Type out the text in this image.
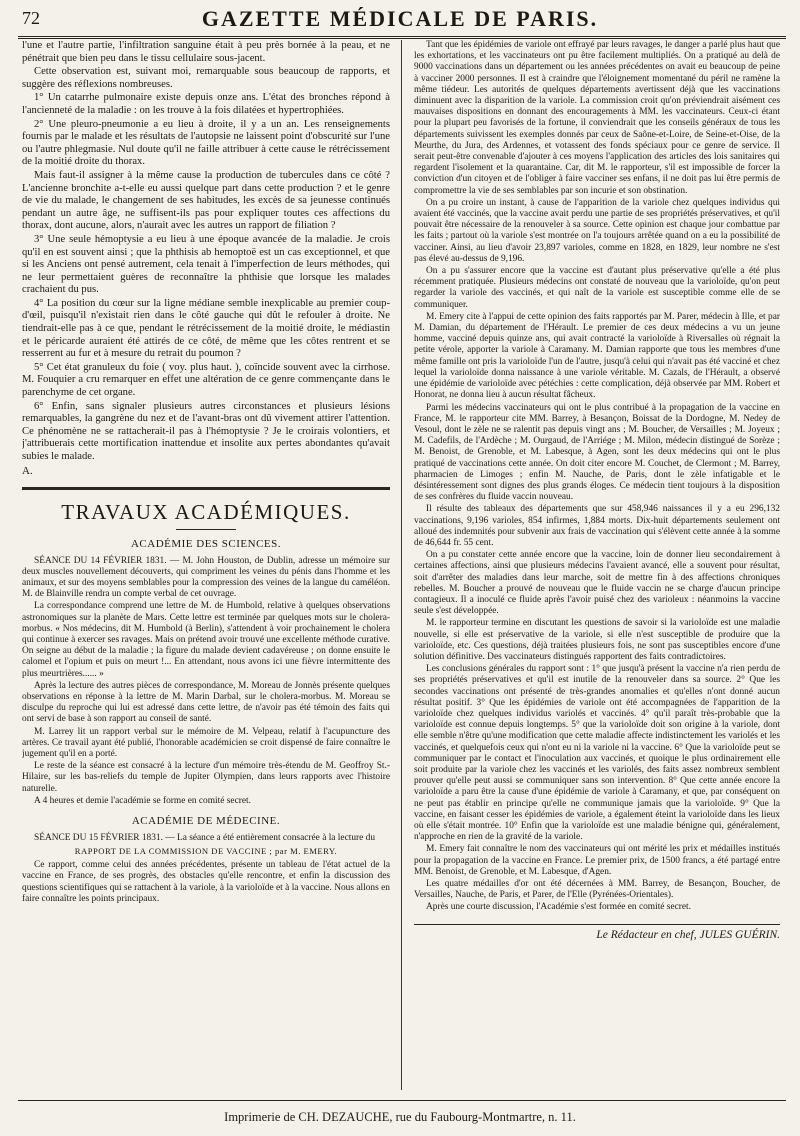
72	GAZETTE MÉDICALE DE PARIS.

l'une et l'autre partie, l'infiltration sanguine était à peu près bornée à la peau, et ne pénétrait que bien peu dans le tissu cellulaire sous-jacent.

Cette observation est, suivant moi, remarquable sous beaucoup de rapports, et suggère des réflexions nombreuses.

1° Un catarrhe pulmonaire existe depuis onze ans. L'état des bronches répond à l'ancienneté de la maladie : on les trouve à la fois dilatées et hypertrophiées.

2° Une pleuro-pneumonie a eu lieu à droite, il y a un an. Les renseignements fournis par le malade et les résultats de l'autopsie ne laissent point d'obscurité sur l'une ou l'autre phlegmasie. Nul doute qu'il ne faille attribuer à cette cause le rétrécissement de la moitié droite du thorax.

Mais faut-il assigner à la même cause la production de tubercules dans ce côté ? L'ancienne bronchite a-t-elle eu aussi quelque part dans cette production ? et le genre de vie du malade, le changement de ses habitudes, les excès de sa jeunesse continués pendant un autre âge, ne suffisent-ils pas pour expliquer toutes ces affections du thorax, dont aucune, alors, n'aurait avec les autres un rapport de filiation ?

3° Une seule hémoptysie a eu lieu à une époque avancée de la maladie. Je crois qu'il en est souvent ainsi ; que la phthisis ab hemoptoë est un cas exceptionnel, et que si les Anciens ont pensé autrement, cela tenait à l'imperfection de leurs méthodes, qui ne leur permettaient guères de reconnaître la phthisie que lorsque les malades crachaient du pus.

4° La position du cœur sur la ligne médiane semble inexplicable au premier coup-d'œil, puisqu'il n'existait rien dans le côté gauche qui dût le refouler à droite. Ne tiendrait-elle pas à ce que, pendant le rétrécissement de la moitié droite, le médiastin et le péricarde auraient été attirés de ce côté, de même que les côtes rentrent et se resserrent au fur et à mesure du retrait du poumon ?

5° Cet état granuleux du foie ( voy. plus haut. ), coïncide souvent avec la cirrhose. M. Fouquier a cru remarquer en effet une altération de ce genre commençante dans le parenchyme de cet organe.

6° Enfin, sans signaler plusieurs autres circonstances et plusieurs lésions remarquables, la gangrène du nez et de l'avant-bras ont dû vivement attirer l'attention. Ce phénomène ne se rattacherait-il pas à l'hémoptysie ? Je le croirais volontiers, et j'attribuerais cette mortification inattendue et insolite aux pertes abondantes qu'avait subies le malade.

A.

TRAVAUX ACADÉMIQUES.
ACADÉMIE DES SCIENCES.

SÉANCE DU 14 FÉVRIER 1831. — M. John Houston, de Dublin, adresse un mémoire sur deux muscles nouvellement découverts, qui compriment les veines du pénis dans l'homme et les animaux, et sur des moyens semblables pour la compression des veines de la langue du caméléon. M. de Blainville rendra un compte verbal de cet ouvrage.

La correspondance comprend une lettre de M. de Humbold, relative à quelques observations astronomiques sur la planète de Mars. Cette lettre est terminée par quelques mots sur le cholera-morbus. « Nos médecins, dit M. Humbold (à Berlin), s'attendent à voir prochainement le cholera qui continue à exercer ses ravages. Mais on prétend avoir trouvé une excellente méthode curative. On seigne au début de la maladie ; la figure du malade devient cadavéreuse ; on donne ensuite le calomel et l'opium et puis on meurt !... En attendant, nous avons ici une fièvre intermittente des plus meurtrières...... »

Après la lecture des autres pièces de correspondance, M. Moreau de Jonnès présente quelques observations en réponse à la lettre de M. Marin Darbal, sur le cholera-morbus. M. Moreau se disculpe du reproche qui lui est adressé dans cette lettre, de n'avoir pas été témoin des faits qui ont servi de base à son rapport au conseil de santé.

M. Larrey lit un rapport verbal sur le mémoire de M. Velpeau, relatif à l'acupuncture des artères. Ce travail ayant été publié, l'honorable académicien se croit dispensé de faire connaître le jugement qu'il en a porté.

Le reste de la séance est consacré à la lecture d'un mémoire très-étendu de M. Geoffroy St.-Hilaire, sur les bas-reliefs du temple de Jupiter Olympien, dans leurs rapports avec l'histoire naturelle.

A 4 heures et demie l'académie se forme en comité secret.

ACADÉMIE DE MÉDECINE.

SÉANCE DU 15 FÉVRIER 1831. — La séance a été entièrement consacrée à la lecture du

RAPPORT DE LA COMMISSION DE VACCINE ; par M. EMERY.

Ce rapport, comme celui des années précédentes, présente un tableau de l'état actuel de la vaccine en France, de ses progrès, des obstacles qu'elle rencontre, et enfin la discussion des questions scientifiques qui se rattachent à la variole, à la varioloïde et à la vaccine. Nous allons en faire connaître les points principaux.

Tant que les épidémies de variole ont effrayé par leurs ravages, le danger a parlé plus haut que les exhortations, et les vaccinateurs ont pu être facilement multipliés. On a pratiqué au delà de 9000 vaccinations dans un département ou les années précédentes on avait eu beaucoup de peine à vacciner 2000 personnes. Il est à craindre que l'éloignement momentané du péril ne ramène la même tiédeur. Les autorités de quelques départements avertissent déjà que les vaccinations diminuent avec la disparition de la variole. La commission croit qu'on préviendrait aisément ces mauvaises dispositions en donnant des encouragements à MM. les vaccinateurs. Ceux-ci étant pour la plupart peu favorisés de la fortune, il conviendrait que les conseils généraux de tous les départements suivissent les exemples donnés par ceux de Saône-et-Loire, de Seine-et-Oise, de la Meurthe, du Jura, des Ardennes, et votassent des fonds spéciaux pour ce genre de service. Il serait peut-être convenable d'ajouter à ces moyens l'application des articles des lois sanitaires qui regardent l'isolement et la quarantaine. Car, dit M. le rapporteur, s'il est impossible de forcer la conviction d'un citoyen et de l'obliger à faire vacciner ses enfans, il ne doit pas lui être permis de compromettre la vie de ses semblables par son incurie et son obstination.

On a pu croire un instant, à cause de l'apparition de la variole chez quelques individus qui avaient été vaccinés, que la vaccine avait perdu une partie de ses propriétés préservatives, et qu'il pouvait être nécessaire de la renouveler à sa source. Cette opinion est chaque jour combattue par les faits ; partout où la variole s'est montrée on l'a toujours arrêtée quand on a eu la possibilité de vacciner. Ainsi, au lieu d'avoir 23,897 varioles, comme en 1828, en 1829, leur nombre ne s'est pas élevé au-dessus de 9,196.

On a pu s'assurer encore que la vaccine est d'autant plus préservative qu'elle a été plus récemment pratiquée. Plusieurs médecins ont constaté de nouveau que la varioloïde, qu'on peut regarder la variole des vaccinés, et qui naît de la variole est susceptible comme elle de se communiquer.

M. Emery cite à l'appui de cette opinion des faits rapportés par M. Parer, médecin à Ille, et par M. Damian, du département de l'Hérault. Le premier de ces deux médecins a vu un jeune homme, vacciné depuis quinze ans, qui avait contracté la varioloïde à Riversalles où régnait la petite vérole, apporter la variole à Caramany. M. Damian rapporte que tous les membres d'une même famille ont pris la varioloïde l'un de l'autre, jusqu'à celui qui n'avait pas été vacciné et chez lequel la varioloïde donna naissance à une variole véritable. M. Cazals, de l'Hérault, a observé une épidémie de varioloïde avec pétéchies : cette complication, déjà observée par MM. Robert et Honorat, ne donna lieu à aucun résultat fâcheux.

Parmi les médecins vaccinateurs qui ont le plus contribué à la propagation de la vaccine en France, M. le rapporteur cite MM. Barrey, à Besançon, Boissat de la Dordogne, M. Nedey de Vesoul, dont le zèle ne se ralentit pas depuis vingt ans ; M. Boucher, de Versailles ; M. Joyeux ; M. Cadefils, de l'Ardèche ; M. Ourgaud, de l'Arriége ; M. Milon, médecin distingué de Sorèze ; M. Benoist, de Grenoble, et M. Labesque, à Agen, sont les deux médecins qui ont le plus pratiqué de vaccinations cette année. On doit citer encore M. Couchet, de Clermont ; M. Barrey, pharmacien de Limoges ; enfin M. Nauche, de Paris, dont le zèle infatigable et le désintéressement sont dignes des plus grands éloges. Ce médecin tient toujours à la disposition de ses confrères du fluide vaccin nouveau.

Il résulte des tableaux des départements que sur 458,946 naissances il y a eu 296,132 vaccinations, 9,196 varioles, 854 infirmes, 1,884 morts. Dix-huit départements seulement ont alloué des indemnités pour subvenir aux frais de vaccination qui s'élèvent cette année à la somme de 46,644 fr. 55 cent.

On a pu constater cette année encore que la vaccine, loin de donner lieu secondairement à certaines affections, ainsi que plusieurs médecins l'avaient avancé, elle a souvent pour résultat, soit d'arrêter des maladies dans leur marche, soit de mettre fin à des affections chroniques rebelles. M. Boucher a prouvé de nouveau que le fluide vaccin ne se charge d'aucun principe contagieux. Il a inoculé ce fluide après l'avoir puisé chez des varioleux : néanmoins la vaccine seule s'est développée.

M. le rapporteur termine en discutant les questions de savoir si la varioloïde est une maladie nouvelle, si elle est préservative de la variole, si elle n'est susceptible de produire que la varioloïde, etc. Ces questions, déjà traitées plusieurs fois, ne sont pas susceptibles encore d'une solution définitive. Des vaccinateurs distingués rapportent des faits contradictoires.

Les conclusions générales du rapport sont : 1° que jusqu'à présent la vaccine n'a rien perdu de ses propriétés préservatives et qu'il est inutile de la renouveler dans sa source. 2° Que les secondes vaccinations ont présenté de très-grandes anomalies et qu'elles n'ont donné aucun résultat positif. 3° Que les épidémies de variole ont été accompagnées de l'apparition de la varioloïde chez quelques individus variolés et vaccinés. 4° qu'il paraît très-probable que la varioloïde est connue depuis longtemps. 5° que la varioloïde doit son origine à la variole, dont elle semble n'être qu'une modification que cette maladie affecte indistinctement les variolés et les vaccinés, et quelquefois ceux qui n'ont eu ni la variole ni la vaccine. 6° Que la varioloïde peut se communiquer par le contact et l'inoculation aux vaccinés, et quoique le plus ordinairement elle soit produite par la variole chez les vaccinés et les variolés, des faits assez nombreux semblent prouver qu'elle peut aussi se communiquer sans son intervention. 8° Que cette année encore la varioloïde a paru être la cause d'une épidémie de variole à Caramany, et que, par conséquent on ne peut pas établir en principe qu'elle ne communique jamais que la varioloïde. 9° Que la vaccine, en faisant cesser les épidémies de variole, a également éteint la varioloïde dans les lieux où elle s'était montrée. 10° Enfin que la varioloïde est une maladie bénigne qui, généralement, n'approche en rien de la gravité de la variole.

M. Emery fait connaître le nom des vaccinateurs qui ont mérité les prix et médailles institués pour la propagation de la vaccine en France. Le premier prix, de 1500 francs, a été partagé entre MM. Benoist, de Grenoble, et M. Labesque, d'Agen.

Les quatre médailles d'or ont été décernées à MM. Barrey, de Besançon, Boucher, de Versailles, Nauche, de Paris, et Parer, de l'Elle (Pyrénées-Orientales).

Après une courte discussion, l'Académie s'est formée en comité secret.

Le Rédacteur en chef, JULES GUÉRIN.
Imprimerie de CH. DEZAUCHE, rue du Faubourg-Montmartre, n. 11.
